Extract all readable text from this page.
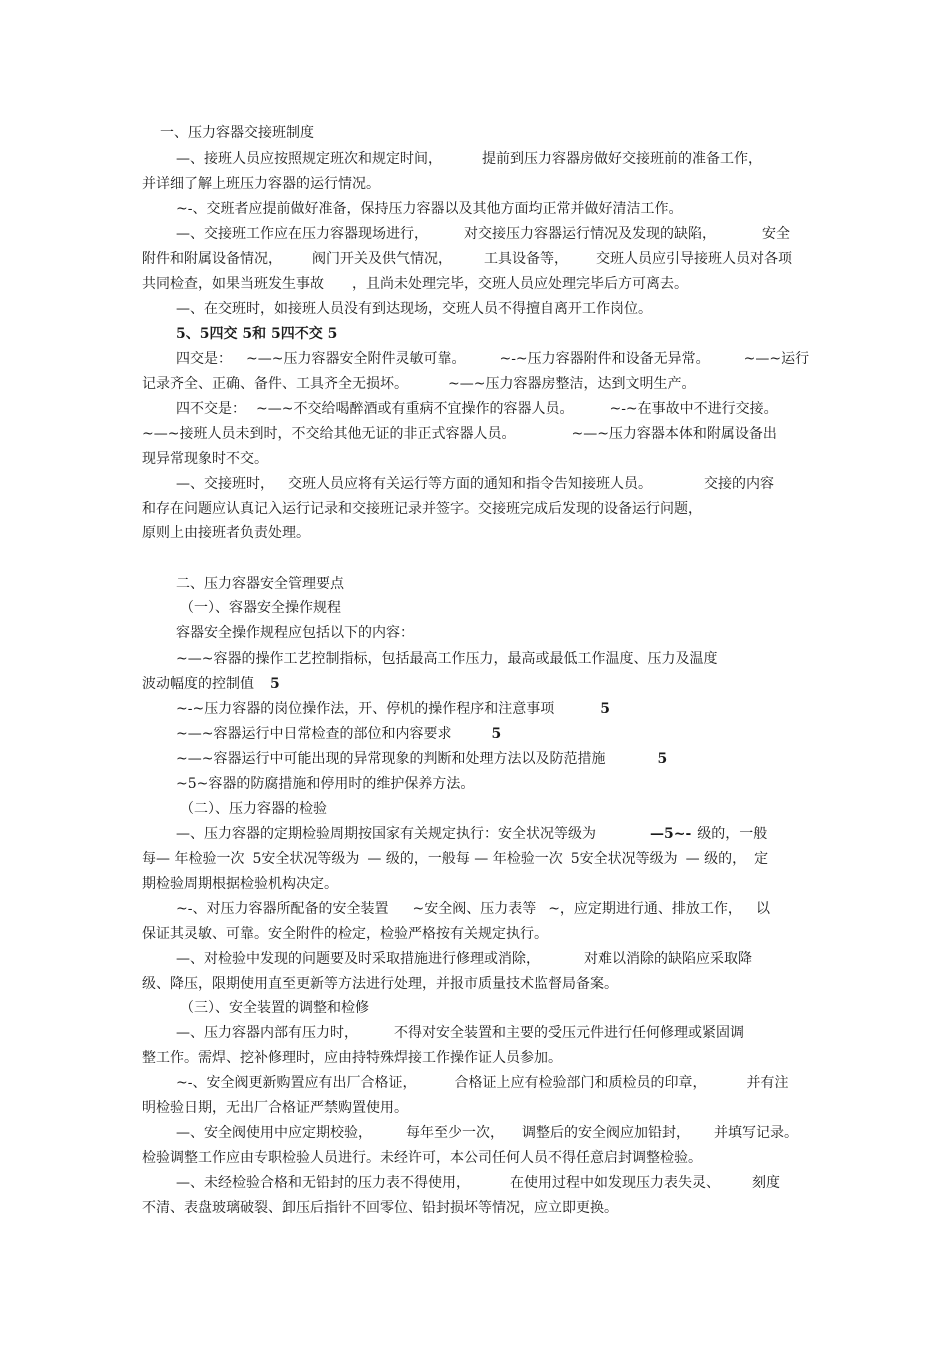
一、压力容器交接班制度
—、接班人员应按照规定班次和规定时间，	提前到压力容器房做好交接班前的准备工作，
并详细了解上班压力容器的运行情况。
~-、交班者应提前做好准备，保持压力容器以及其他方面均正常并做好清洁工作。
—、交接班工作应在压力容器现场进行，	对交接压力容器运行情况及发现的缺陷，	安全
附件和附属设备情况， 阀门开关及供气情况， 工具设备等， 交班人员应引导接班人员对各项
共同检查，如果当班发生事故 ，且尚未处理完毕，交班人员应处理完毕后方可离去。
—、在交班时，如接班人员没有到达现场，交班人员不得擅自离开工作岗位。
5、5四交 5和 5四不交 5
四交是： ~—~压力容器安全附件灵敏可靠。 ~-~压力容器附件和设备无异常。 ~—~运行
记录齐全、正确、备件、工具齐全无损坏。	~—~压力容器房整洁，达到文明生产。
四不交是： ~—~不交给喝醉酒或有重病不宜操作的容器人员。	~-~在事故中不进行交接。
~—~接班人员未到时，不交给其他无证的非正式容器人员。	~—~压力容器本体和附属设备出
现异常现象时不交。
—、交接班时， 交班人员应将有关运行等方面的通知和指令告知接班人员。	交接的内容
和存在问题应认真记入运行记录和交接班记录并签字。交接班完成后发现的设备运行问题，
原则上由接班者负责处理。
二、压力容器安全管理要点
（一）、容器安全操作规程
容器安全操作规程应包括以下的内容：
~—~容器的操作工艺控制指标，包括最高工作压力，最高或最低工作温度、压力及温度
波动幅度的控制值 5
~-~压力容器的岗位操作法，开、停机的操作程序和注意事项	5
~—~容器运行中日常检查的部位和内容要求	5
~—~容器运行中可能出现的异常现象的判断和处理方法以及防范措施	5
~5~容器的防腐措施和停用时的维护保养方法。
（二）、压力容器的检验
—、压力容器的定期检验周期按国家有关规定执行：安全状况等级为	—5~- 级的，一般
每— 年检验一次 5安全状况等级为 — 级的，一般每 — 年检验一次 5安全状况等级为 — 级的， 定
期检验周期根据检验机构决定。
~-、对压力容器所配备的安全装置 ~安全阀、压力表等 ~，应定期进行通、排放工作， 以
保证其灵敏、可靠。安全附件的检定，检验严格按有关规定执行。
—、对检验中发现的问题要及时采取措施进行修理或消除，	对难以消除的缺陷应采取降
级、降压，限期使用直至更新等方法进行处理，并报市质量技术监督局备案。
（三）、安全装置的调整和检修
—、压力容器内部有压力时，	不得对安全装置和主要的受压元件进行任何修理或紧固调
整工作。需焊、挖补修理时，应由持特殊焊接工作操作证人员参加。
~-、安全阀更新购置应有出厂合格证，	合格证上应有检验部门和质检员的印章，	并有注
明检验日期，无出厂合格证严禁购置使用。
—、安全阀使用中应定期校验， 每年至少一次， 调整后的安全阀应加铅封， 并填写记录。
检验调整工作应由专职检验人员进行。未经许可，本公司任何人员不得任意启封调整检验。
—、未经检验合格和无铅封的压力表不得使用，	在使用过程中如发现压力表失灵、 刻度
不清、表盘玻璃破裂、卸压后指针不回零位、铅封损坏等情况，应立即更换。
